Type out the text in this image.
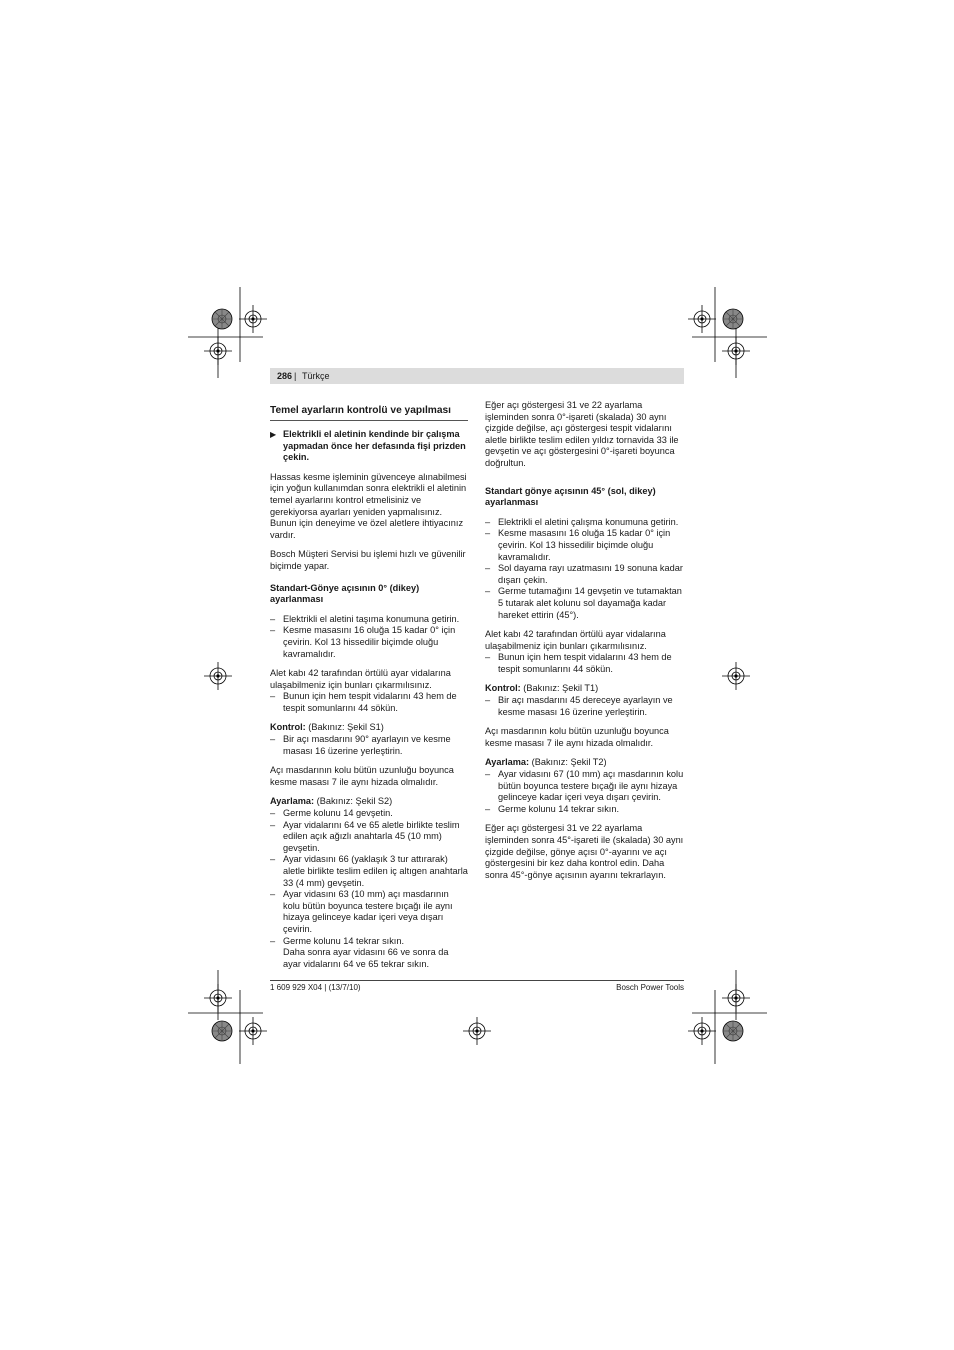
286 | Türkçe
Temel ayarların kontrolü ve yapılması
▶ Elektrikli el aletinin kendinde bir çalışma yapmadan önce her defasında fişi prizden çekin.

Hassas kesme işleminin güvenceye alınabilmesi için yoğun kullanımdan sonra elektrikli el aletinin temel ayarlarını kontrol etmelisiniz ve gerekiyorsa ayarları yeniden yapmalısınız. Bunun için deneyime ve özel aletlere ihtiyacınız vardır.

Bosch Müşteri Servisi bu işlemi hızlı ve güvenilir biçimde yapar.

Standart-Gönye açısının 0° (dikey) ayarlanması
– Elektrikli el aletini taşıma konumuna getirin.
– Kesme masasını 16 oluğa 15 kadar 0° için çevirin. Kol 13 hissedilir biçimde oluğu kavramalıdır.

Alet kabı 42 tarafından örtülü ayar vidalarına ulaşabilmeniz için bunları çıkarmılısınız.

– Bunun için hem tespit vidalarını 43 hem de tespit somunlarını 44 sökün.

Kontrol: (Bakınız: Şekil S1)

– Bir açı masdarını 90° ayarlayın ve kesme masası 16 üzerine yerleştirin.

Açı masdarının kolu bütün uzunluğu boyunca kesme masası 7 ile aynı hizada olmalıdır.

Ayarlama: (Bakınız: Şekil S2)

– Germe kolunu 14 gevşetin.
– Ayar vidalarını 64 ve 65 aletle birlikte teslim edilen açık ağızlı anahtarla 45 (10 mm) gevşetin.
– Ayar vidasını 66 (yaklaşık 3 tur attırarak) aletle birlikte teslim edilen iç altıgen anahtarla 33 (4 mm) gevşetin.
– Ayar vidasını 63 (10 mm) açı masdarının kolu bütün boyunca testere bıçağı ile aynı hizaya gelinceye kadar içeri veya dışarı çevirin.
– Germe kolunu 14 tekrar sıkın.

Daha sonra ayar vidasını 66 ve sonra da ayar vidalarını 64 ve 65 tekrar sıkın.

Eğer açı göstergesi 31 ve 22 ayarlama işleminden sonra 0°-işareti (skalada) 30 aynı çizgide değilse, açı göstergesi tespit vidalarını aletle birlikte teslim edilen yıldız tornavida 33 ile gevşetin ve açı göstergesini 0°-işareti boyunca doğrultun.

Standart gönye açısının 45° (sol, dikey) ayarlanması
– Elektrikli el aletini çalışma konumuna getirin.
– Kesme masasını 16 oluğa 15 kadar 0° için çevirin. Kol 13 hissedilir biçimde oluğu kavramalıdır.
– Sol dayama rayı uzatmasını 19 sonuna kadar dışarı çekin.
– Germe tutamağını 14 gevşetin ve tutamaktan 5 tutarak alet kolunu sol dayamağa kadar hareket ettirin (45°).

Alet kabı 42 tarafından örtülü ayar vidalarına ulaşabilmeniz için bunları çıkarmılısınız.

– Bunun için hem tespit vidalarını 43 hem de tespit somunlarını 44 sökün.

Kontrol: (Bakınız: Şekil T1)

– Bir açı masdarını 45 dereceye ayarlayın ve kesme masası 16 üzerine yerleştirin.

Açı masdarının kolu bütün uzunluğu boyunca kesme masası 7 ile aynı hizada olmalıdır.

Ayarlama: (Bakınız: Şekil T2)

– Ayar vidasını 67 (10 mm) açı masdarının kolu bütün boyunca testere bıçağı ile aynı hizaya gelinceye kadar içeri veya dışarı çevirin.
– Germe kolunu 14 tekrar sıkın.

Eğer açı göstergesi 31 ve 22 ayarlama işleminden sonra 45°-işareti ile (skalada) 30 aynı çizgide değilse, gönye açısı 0°-ayarını ve açı göstergesini bir kez daha kontrol edin. Daha sonra 45°-gönye açısının ayarını tekrarlayın.

1 609 929 X04 | (13/7/10)	Bosch Power Tools
